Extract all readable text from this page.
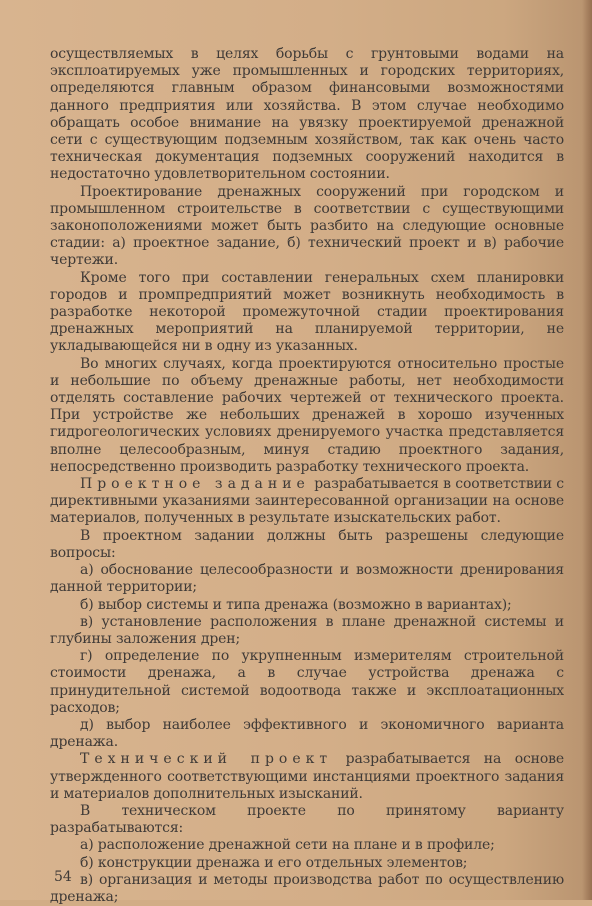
осуществляемых в целях борьбы с грунтовыми водами на эксплоатируемых уже промышленных и городских территориях, определяются главным образом финансовыми возможностями данного предприятия или хозяйства. В этом случае необходимо обращать особое внимание на увязку проектируемой дренажной сети с существующим подземным хозяйством, так как очень часто техническая документация подземных сооружений находится в недостаточно удовлетворительном состоянии.

Проектирование дренажных сооружений при городском и промышленном строительстве в соответствии с существующими законоположениями может быть разбито на следующие основные стадии: а) проектное задание, б) технический проект и в) рабочие чертежи.

Кроме того при составлении генеральных схем планировки городов и промпредприятий может возникнуть необходимость в разработке некоторой промежуточной стадии проектирования дренажных мероприятий на планируемой территории, не укладывающейся ни в одну из указанных.

Во многих случаях, когда проектируются относительно простые и небольшие по объему дренажные работы, нет необходимости отделять составление рабочих чертежей от технического проекта. При устройстве же небольших дренажей в хорошо изученных гидрогеологических условиях дренируемого участка представляется вполне целесообразным, минуя стадию проектного задания, непосредственно производить разработку технического проекта.

Проектное задание разрабатывается в соответствии с директивными указаниями заинтересованной организации на основе материалов, полученных в результате изыскательских работ.

В проектном задании должны быть разрешены следующие вопросы:

а) обоснование целесообразности и возможности дренирования данной территории;

б) выбор системы и типа дренажа (возможно в вариантах);

в) установление расположения в плане дренажной системы и глубины заложения дрен;

г) определение по укрупненным измерителям строительной стоимости дренажа, а в случае устройства дренажа с принудительной системой водоотвода также и эксплоатационных расходов;

д) выбор наиболее эффективного и экономичного варианта дренажа.

Технический проект разрабатывается на основе утвержденного соответствующими инстанциями проектного задания и материалов дополнительных изысканий.

В техническом проекте по принятому варианту разрабатываются:

а) расположение дренажной сети на плане и в профиле;

б) конструкции дренажа и его отдельных элементов;

в) организация и методы производства работ по осуществлению дренажа;

54
